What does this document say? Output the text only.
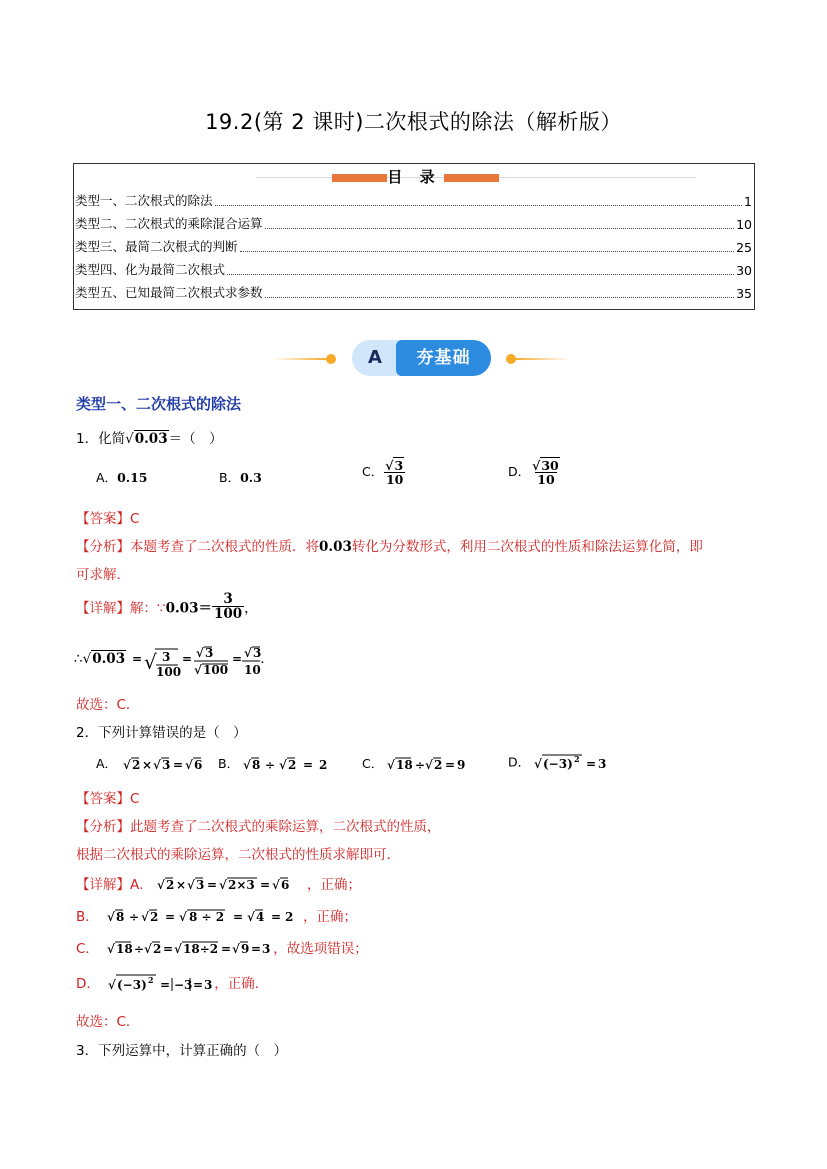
19.2(第 2 课时)二次根式的除法（解析版）
目 录
类型一、二次根式的除法	1
类型二、二次根式的乘除混合运算	10
类型三、最简二次根式的判断	25
类型四、化为最简二次根式	30
类型五、已知最简二次根式求参数	35
A	夯基础
类型一、二次根式的除法
1．化简√0.03＝（　）
A．0.15	B．0.3	C． $\frac{√3}{10}$	D． $\frac{√30}{10}$
【答案】C
【分析】本题考查了二次根式的性质．将0.03转化为分数形式，利用二次根式的性质和除法运算化简，即
可求解．
【详解】解：∵0.03＝ $\frac{3}{100}$ ，
∴√0.03 = √ 3
100
= √ 3
√ 100
= √ 3
10
．
故选：C．
2．下列计算错误的是（　）
A． √ 2 × √ 3 = √ 6 B． √ 8 ÷ √ 2 = 2	C． √ 18 ÷ √ 2 = 9	D． √ (−3) 2 = 3
【答案】C
【分析】此题考查了二次根式的乘除运算，二次根式的性质，
根据二次根式的乘除运算，二次根式的性质求解即可．
【详解】A． √ 2 × √ 3 = √ 2×3 = √ 6 ，正确；
B． √ 8 ÷ √ 2 = √ 8 ÷ 2 = √ 4 = 2 ，正确；
C． √ 18 ÷ √ 2 = √ 18÷2 = √ 9 = 3 ，故选项错误；
D． √ (−3) 2 = −3 = 3 ，正确．
故选：C．
3．下列运算中，计算正确的（　）
